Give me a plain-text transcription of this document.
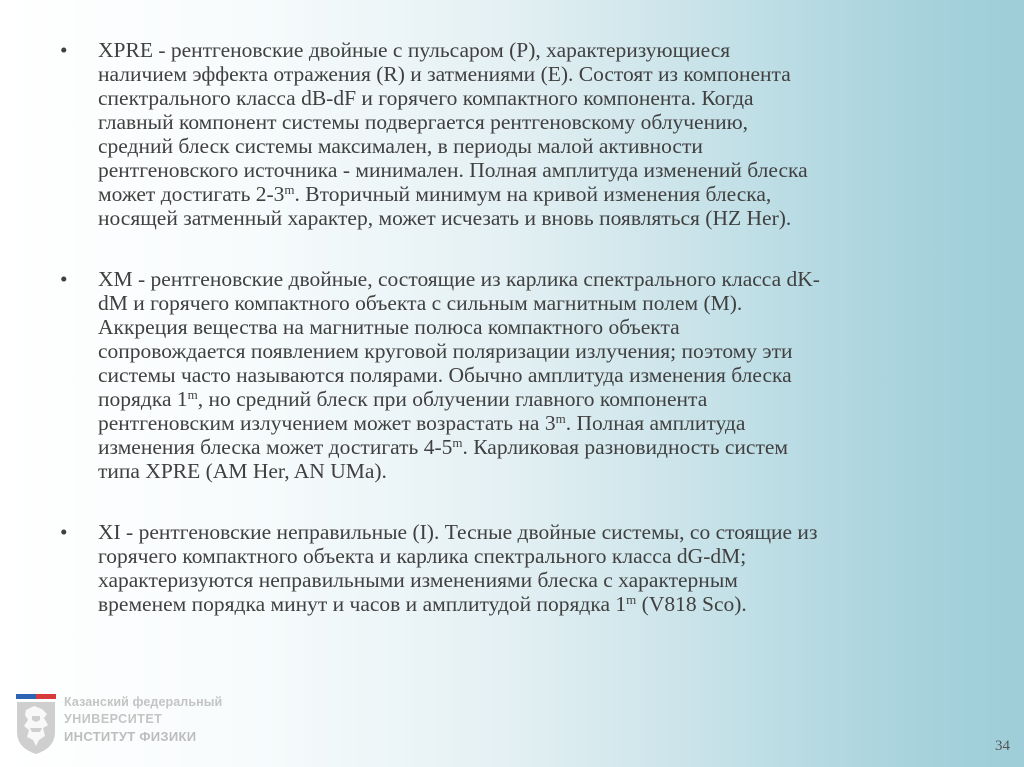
• XPRE - рентгеновские двойные с пульсаром (P), характеризующиеся
наличием эффекта отражения (R) и затмениями (E). Состоят из компонента
спектрального класса dB-dF и горячего компактного компонента. Когда
главный компонент системы подвергается рентгеновскому облучению,
средний блеск системы максимален, в периоды малой активности
рентгеновского источника - минимален. Полная амплитуда изменений блеска
может достигать 2-3$^m$. Вторичный минимум на кривой изменения блеска,
носящей затменный характер, может исчезать и вновь появляться (HZ Her).
• XM - рентгеновские двойные, состоящие из карлика спектрального класса dK-
dM и горячего компактного объекта с сильным магнитным полем (M).
Аккреция вещества на магнитные полюса компактного объекта
сопровождается появлением круговой поляризации излучения; поэтому эти
системы часто называются полярами. Обычно амплитуда изменения блеска
порядка 1$^m$, но средний блеск при облучении главного компонента
рентгеновским излучением может возрастать на 3$^m$. Полная амплитуда
изменения блеска может достигать 4-5$^m$. Карликовая разновидность систем
типа XPRE (AM Her, AN UMa).
• XI - рентгеновские неправильные (I). Тесные двойные системы, со стоящие из
горячего компактного объекта и карлика спектрального класса dG-dM;
характеризуются неправильными изменениями блеска с характерным
временем порядка минут и часов и амплитудой порядка 1$^m$ (V818 Sco).
Казанский федеральный
УНИВЕРСИТЕТ
ИНСТИТУТ ФИЗИКИ
34
